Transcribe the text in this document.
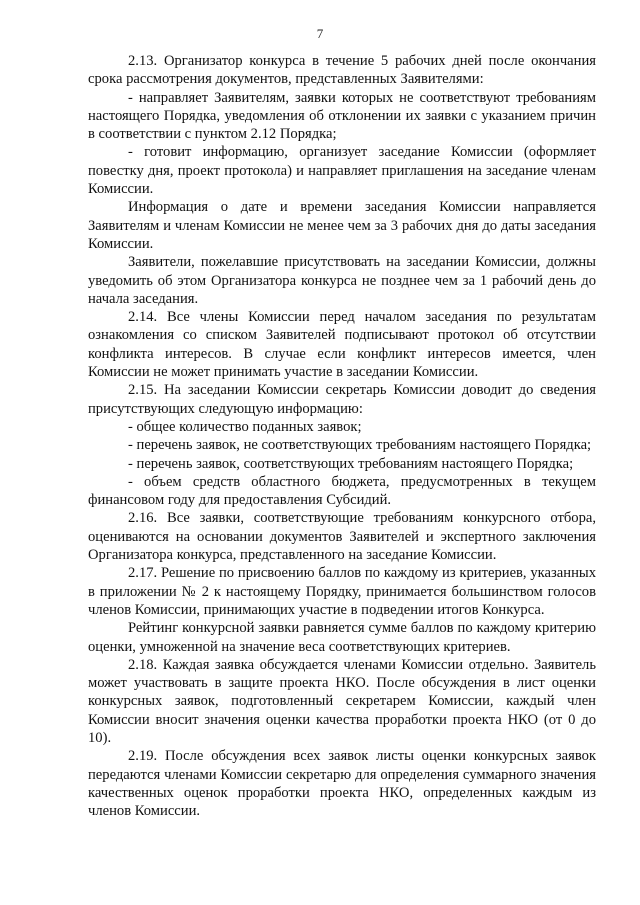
7

2.13. Организатор конкурса в течение 5 рабочих дней после окончания срока рассмотрения документов, представленных Заявителями:

- направляет Заявителям, заявки которых не соответствуют требованиям настоящего Порядка, уведомления об отклонении их заявки с указанием причин в соответствии с пунктом 2.12 Порядка;

- готовит информацию, организует заседание Комиссии (оформляет повестку дня, проект протокола) и направляет приглашения на заседание членам Комиссии.

Информация о дате и времени заседания Комиссии направляется Заявителям и членам Комиссии не менее чем за 3 рабочих дня до даты заседания Комиссии.

Заявители, пожелавшие присутствовать на заседании Комиссии, должны уведомить об этом Организатора конкурса не позднее чем за 1 рабочий день до начала заседания.

2.14. Все члены Комиссии перед началом заседания по результатам ознакомления со списком Заявителей подписывают протокол об отсутствии конфликта интересов. В случае если конфликт интересов имеется, член Комиссии не может принимать участие в заседании Комиссии.

2.15. На заседании Комиссии секретарь Комиссии доводит до сведения присутствующих следующую информацию:

- общее количество поданных заявок;

- перечень заявок, не соответствующих требованиям настоящего Порядка;

- перечень заявок, соответствующих требованиям настоящего Порядка;

- объем средств областного бюджета, предусмотренных в текущем финансовом году для предоставления Субсидий.

2.16. Все заявки, соответствующие требованиям конкурсного отбора, оцениваются на основании документов Заявителей и экспертного заключения Организатора конкурса, представленного на заседание Комиссии.

2.17. Решение по присвоению баллов по каждому из критериев, указанных в приложении № 2 к настоящему Порядку, принимается большинством голосов членов Комиссии, принимающих участие в подведении итогов Конкурса.

Рейтинг конкурсной заявки равняется сумме баллов по каждому критерию оценки, умноженной на значение веса соответствующих критериев.

2.18. Каждая заявка обсуждается членами Комиссии отдельно. Заявитель может участвовать в защите проекта НКО. После обсуждения в лист оценки конкурсных заявок, подготовленный секретарем Комиссии, каждый член Комиссии вносит значения оценки качества проработки проекта НКО (от 0 до 10).

2.19. После обсуждения всех заявок листы оценки конкурсных заявок передаются членами Комиссии секретарю для определения суммарного значения качественных оценок проработки проекта НКО, определенных каждым из членов Комиссии.
